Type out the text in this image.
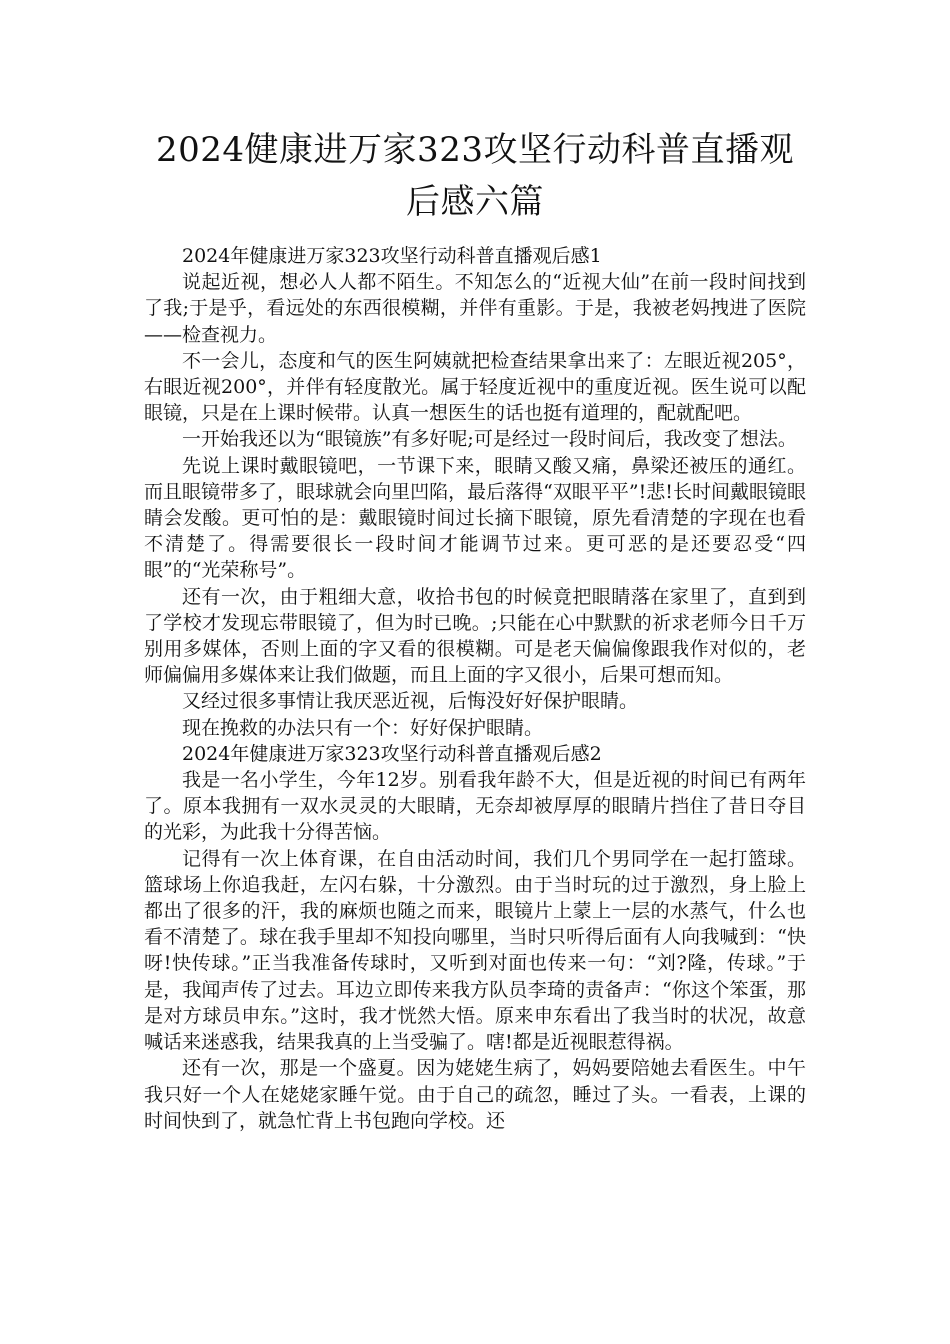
2024健康进万家323攻坚行动科普直播观
后感六篇

2024年健康进万家323攻坚行动科普直播观后感1

说起近视，想必人人都不陌生。不知怎么的“近视大仙”在前一段时间找到了我;于是乎，看远处的东西很模糊，并伴有重影。于是，我被老妈拽进了医院——检查视力。

不一会儿，态度和气的医生阿姨就把检查结果拿出来了：左眼近视205°，右眼近视200°，并伴有轻度散光。属于轻度近视中的重度近视。医生说可以配眼镜，只是在上课时候带。认真一想医生的话也挺有道理的，配就配吧。

一开始我还以为“眼镜族”有多好呢;可是经过一段时间后，我改变了想法。

先说上课时戴眼镜吧，一节课下来，眼睛又酸又痛，鼻梁还被压的通红。而且眼镜带多了，眼球就会向里凹陷，最后落得“双眼平平”!悲!长时间戴眼镜眼睛会发酸。更可怕的是：戴眼镜时间过长摘下眼镜，原先看清楚的字现在也看不清楚了。得需要很长一段时间才能调节过来。更可恶的是还要忍受“四眼”的“光荣称号”。

还有一次，由于粗细大意，收拾书包的时候竟把眼睛落在家里了，直到到了学校才发现忘带眼镜了，但为时已晚。;只能在心中默默的祈求老师今日千万别用多媒体，否则上面的字又看的很模糊。可是老天偏偏像跟我作对似的，老师偏偏用多媒体来让我们做题，而且上面的字又很小，后果可想而知。

又经过很多事情让我厌恶近视，后悔没好好保护眼睛。

现在挽救的办法只有一个：好好保护眼睛。

2024年健康进万家323攻坚行动科普直播观后感2

我是一名小学生，今年12岁。别看我年龄不大，但是近视的时间已有两年了。原本我拥有一双水灵灵的大眼睛，无奈却被厚厚的眼睛片挡住了昔日夺目的光彩，为此我十分得苦恼。

记得有一次上体育课，在自由活动时间，我们几个男同学在一起打篮球。篮球场上你追我赶，左闪右躲，十分激烈。由于当时玩的过于激烈，身上脸上都出了很多的汗，我的麻烦也随之而来，眼镜片上蒙上一层的水蒸气，什么也看不清楚了。球在我手里却不知投向哪里，当时只听得后面有人向我喊到：“快呀!快传球。”正当我准备传球时，又听到对面也传来一句：“刘?隆，传球。”于是，我闻声传了过去。耳边立即传来我方队员李琦的责备声：“你这个笨蛋，那是对方球员申东。”这时，我才恍然大悟。原来申东看出了我当时的状况，故意喊话来迷惑我，结果我真的上当受骗了。嗐!都是近视眼惹得祸。

还有一次，那是一个盛夏。因为姥姥生病了，妈妈要陪她去看医生。中午我只好一个人在姥姥家睡午觉。由于自己的疏忽，睡过了头。一看表，上课的时间快到了，就急忙背上书包跑向学校。还
